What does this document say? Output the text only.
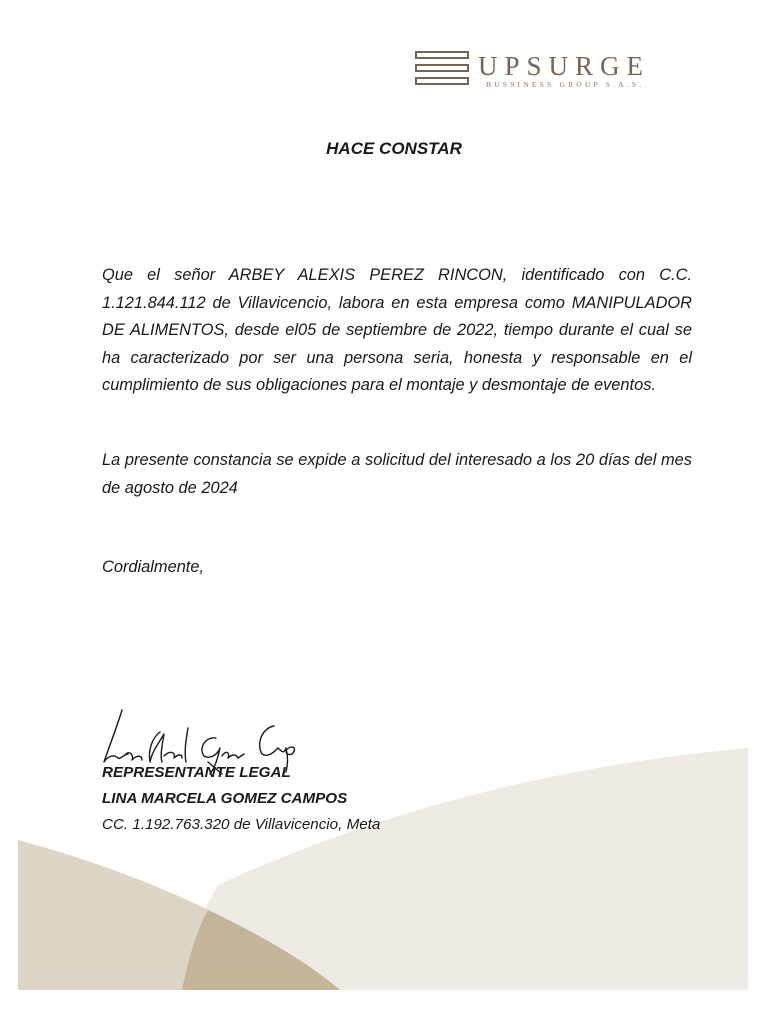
UPSURGE
BUSSINESS GROUP S.A.S.
HACE CONSTAR
Que el señor ARBEY ALEXIS PEREZ RINCON, identificado con C.C. 1.121.844.112 de Villavicencio, labora en esta empresa como MANIPULADOR DE ALIMENTOS, desde el05 de septiembre de 2022, tiempo durante el cual se ha caracterizado por ser una persona seria, honesta y responsable en el cumplimiento de sus obligaciones para el montaje y desmontaje de eventos.
La presente constancia se expide a solicitud del interesado a los 20 días del mes de agosto de 2024
Cordialmente,
REPRESENTANTE LEGAL
LINA MARCELA GOMEZ CAMPOS
CC. 1.192.763.320 de Villavicencio, Meta
